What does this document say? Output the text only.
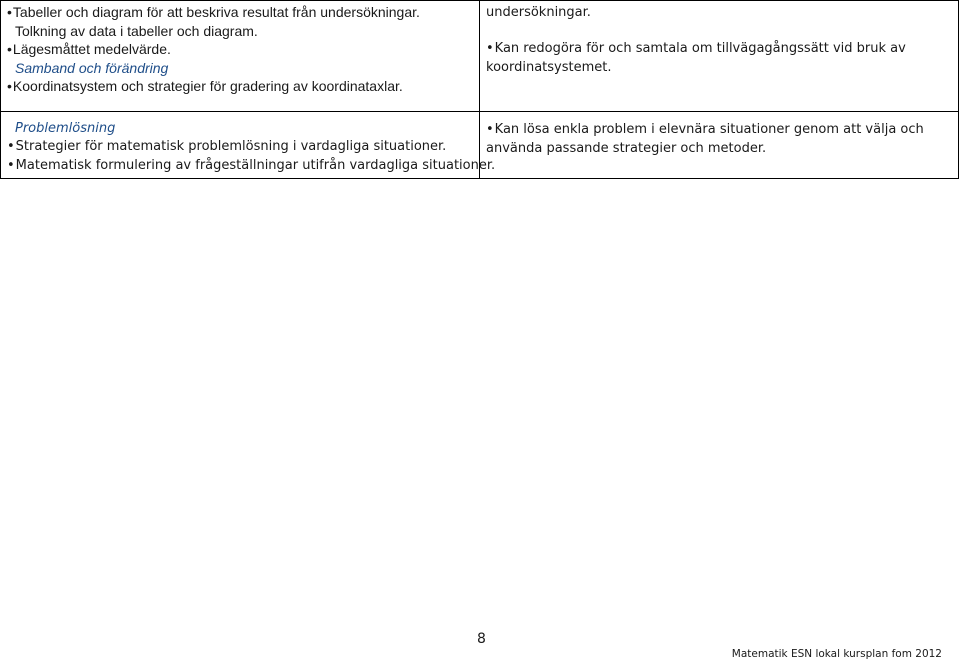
• Tabeller och diagram för att beskriva resultat från undersökningar.
Tolkning av data i tabeller och diagram.
• Lägesmåttet medelvärde.
Samband och förändring
• Koordinatsystem och strategier för gradering av koordinataxlar.	undersökningar.
• Kan redogöra för och samtala om tillvägagångssätt vid bruk av koordinatsystemet.

Problemlösning
• Strategier för matematisk problemlösning i vardagliga situationer.
• Matematisk formulering av frågeställningar utifrån vardagliga situationer.	• Kan lösa enkla problem i elevnära situationer genom att välja och använda passande strategier och metoder.
8
Matematik ESN lokal kursplan fom 2012
